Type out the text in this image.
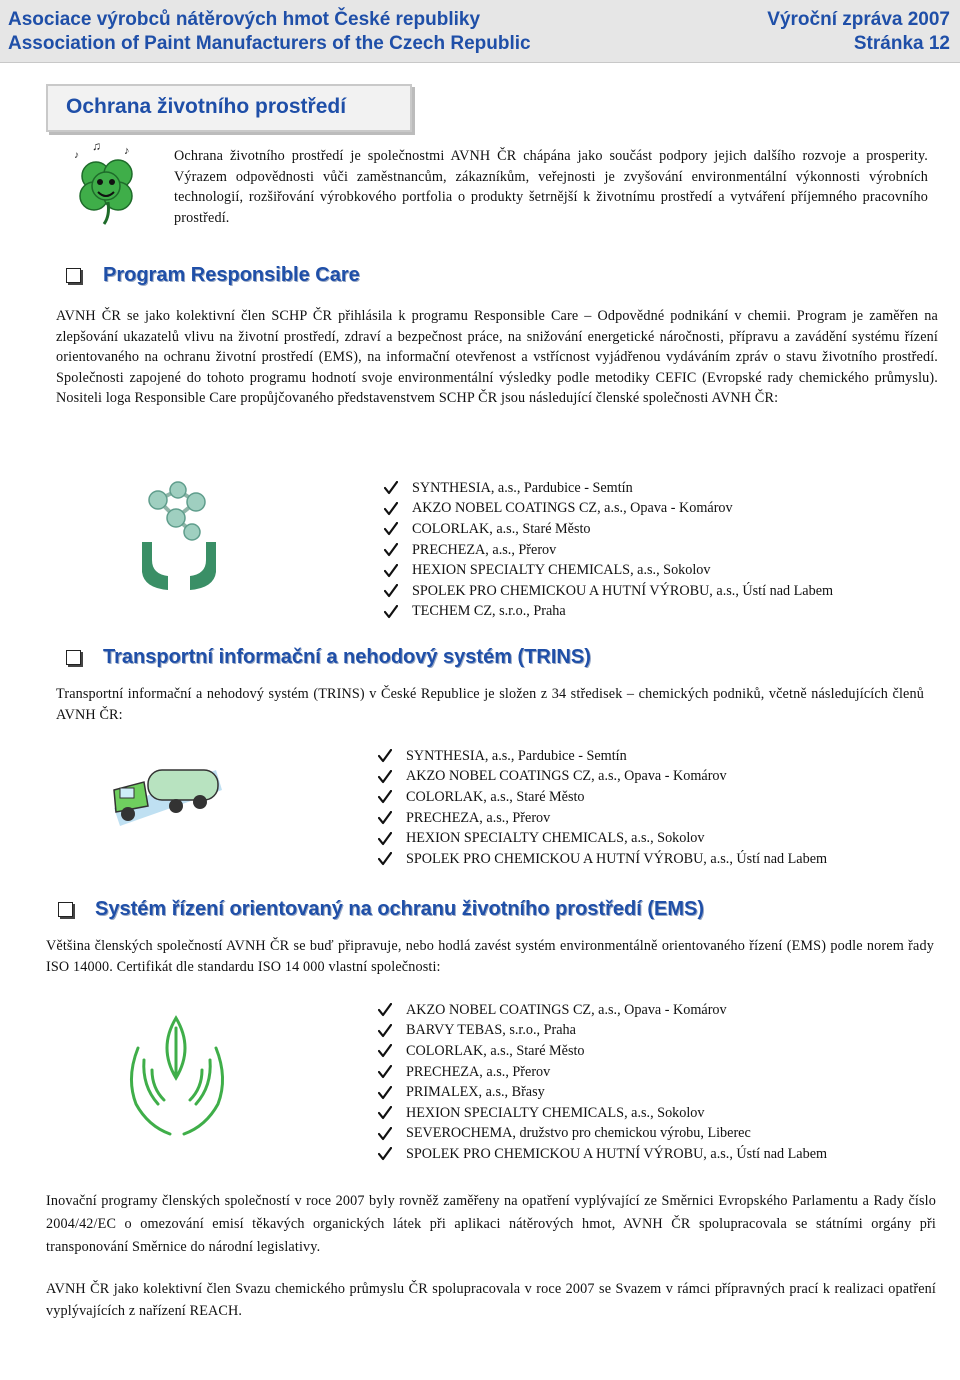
Asociace výrobců nátěrových hmot České republiky
Association of Paint Manufacturers of the Czech Republic
Výroční zpráva 2007
Stránka 12
Ochrana životního prostředí
♪
♫ ♪	Ochrana životního prostředí je společnostmi AVNH ČR chápána jako součást podpory jejich dalšího rozvoje a prosperity. Výrazem odpovědnosti vůči zaměstnancům, zákazníkům, veřejnosti je zvyšování environmentální výkonnosti výrobních technologií, rozšiřování výrobkového portfolia o produkty šetrnější k životnímu prostředí a vytváření příjemného pracovního prostředí.
Program Responsible Care
AVNH ČR se jako kolektivní člen SCHP ČR přihlásila k programu Responsible Care – Odpovědné podnikání v chemii. Program je zaměřen na zlepšování ukazatelů vlivu na životní prostředí, zdraví a bezpečnost práce, na snižování energetické náročnosti, přípravu a zavádění systému řízení orientovaného na ochranu životní prostředí (EMS), na informační otevřenost a vstřícnost vyjádřenou vydáváním zpráv o stavu životního prostředí. Společnosti zapojené do tohoto programu hodnotí svoje environmentální výsledky podle metodiky CEFIC (Evropské rady chemického průmyslu). Nositeli loga Responsible Care propůjčovaného představenstvem SCHP ČR jsou následující členské společnosti AVNH ČR:
SYNTHESIA, a.s., Pardubice - Semtín
AKZO NOBEL COATINGS CZ, a.s., Opava - Komárov
COLORLAK, a.s., Staré Město
PRECHEZA, a.s., Přerov
HEXION SPECIALTY CHEMICALS, a.s., Sokolov
SPOLEK PRO CHEMICKOU A HUTNÍ VÝROBU, a.s., Ústí nad Labem
TECHEM CZ, s.r.o., Praha
Transportní informační a nehodový systém (TRINS)
Transportní informační a nehodový systém (TRINS) v České Republice je složen z 34 středisek – chemických podniků, včetně následujících členů AVNH ČR:
SYNTHESIA, a.s., Pardubice - Semtín
AKZO NOBEL COATINGS CZ, a.s., Opava - Komárov
COLORLAK, a.s., Staré Město
PRECHEZA, a.s., Přerov
HEXION SPECIALTY CHEMICALS, a.s., Sokolov
SPOLEK PRO CHEMICKOU A HUTNÍ VÝROBU, a.s., Ústí nad Labem
Systém řízení orientovaný na ochranu životního prostředí (EMS)
Většina členských společností AVNH ČR se buď připravuje, nebo hodlá zavést systém environmentálně orientovaného řízení (EMS) podle norem řady ISO 14000. Certifikát dle standardu ISO 14 000 vlastní společnosti:
AKZO NOBEL COATINGS CZ, a.s., Opava - Komárov
BARVY TEBAS, s.r.o., Praha
COLORLAK, a.s., Staré Město
PRECHEZA, a.s., Přerov
PRIMALEX, a.s., Břasy
HEXION SPECIALTY CHEMICALS, a.s., Sokolov
SEVEROCHEMA, družstvo pro chemickou výrobu, Liberec
SPOLEK PRO CHEMICKOU A HUTNÍ VÝROBU, a.s., Ústí nad Labem
Inovační programy členských společností v roce 2007 byly rovněž zaměřeny na opatření vyplývající ze Směrnici Evropského Parlamentu a Rady číslo 2004/42/EC o omezování emisí těkavých organických látek při aplikaci nátěrových hmot, AVNH ČR spolupracovala se státními orgány při transponování Směrnice do národní legislativy.
AVNH ČR jako kolektivní člen Svazu chemického průmyslu ČR spolupracovala v roce 2007 se Svazem v rámci přípravných prací k realizaci opatření vyplývajících z nařízení REACH.
